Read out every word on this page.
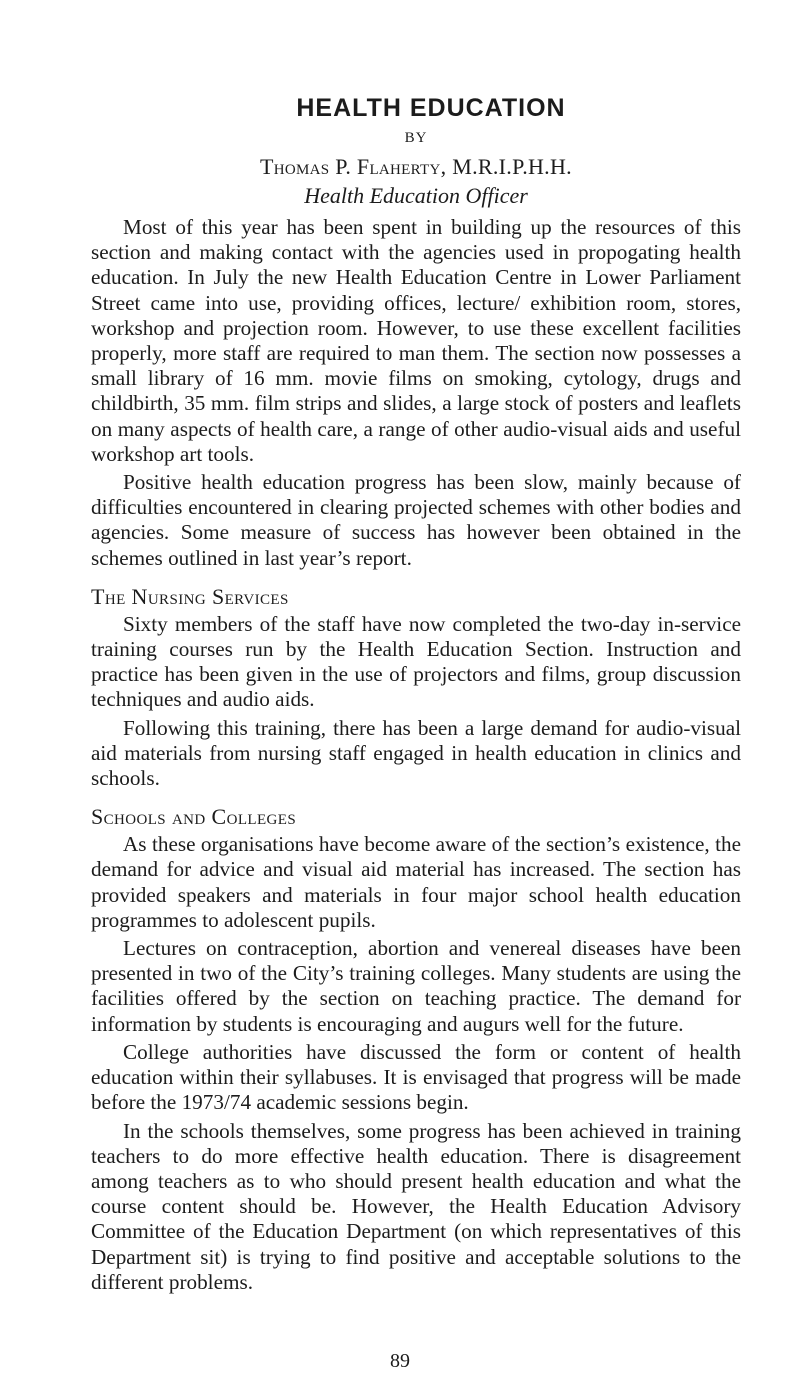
HEALTH EDUCATION
BY
Thomas P. Flaherty, M.R.I.P.H.H.
Health Education Officer

Most of this year has been spent in building up the resources of this section and making contact with the agencies used in propogating health education. In July the new Health Education Centre in Lower Parliament Street came into use, providing offices, lecture/ exhibition room, stores, workshop and projection room. However, to use these excellent facilities properly, more staff are required to man them. The section now possesses a small library of 16 mm. movie films on smoking, cytology, drugs and childbirth, 35 mm. film strips and slides, a large stock of posters and leaflets on many aspects of health care, a range of other audio-visual aids and useful workshop art tools.

Positive health education progress has been slow, mainly because of difficulties encountered in clearing projected schemes with other bodies and agencies. Some measure of success has however been obtained in the schemes outlined in last year’s report.

The Nursing Services

Sixty members of the staff have now completed the two-day in-service training courses run by the Health Education Section. Instruction and practice has been given in the use of projectors and films, group discussion techniques and audio aids.

Following this training, there has been a large demand for audio-visual aid materials from nursing staff engaged in health education in clinics and schools.

Schools and Colleges

As these organisations have become aware of the section’s existence, the demand for advice and visual aid material has increased. The section has provided speakers and materials in four major school health education programmes to adolescent pupils.

Lectures on contraception, abortion and venereal diseases have been presented in two of the City’s training colleges. Many students are using the facilities offered by the section on teaching practice. The demand for information by students is encouraging and augurs well for the future.

College authorities have discussed the form or content of health education within their syllabuses. It is envisaged that progress will be made before the 1973/74 academic sessions begin.

In the schools themselves, some progress has been achieved in training teachers to do more effective health education. There is disagreement among teachers as to who should present health education and what the course content should be. However, the Health Education Advisory Committee of the Education Department (on which representatives of this Department sit) is trying to find positive and acceptable solutions to the different problems.

89
